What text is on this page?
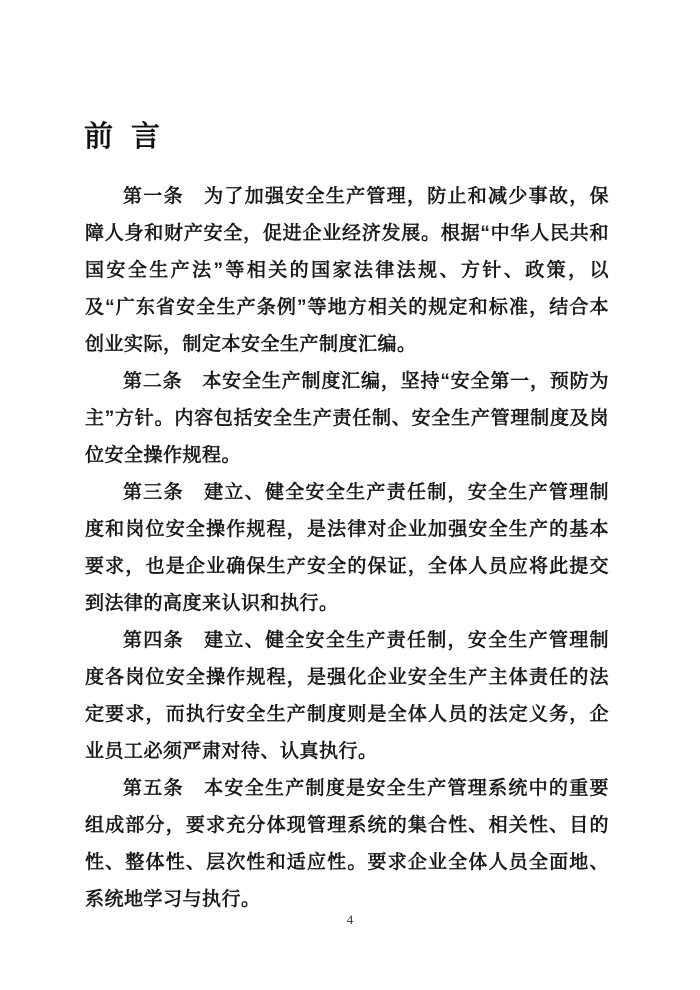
前 言

第一条　为了加强安全生产管理，防止和减少事故，保障人身和财产安全，促进企业经济发展。根据“中华人民共和国安全生产法”等相关的国家法律法规、方针、政策，以及“广东省安全生产条例”等地方相关的规定和标准，结合本创业实际，制定本安全生产制度汇编。

第二条　本安全生产制度汇编，坚持“安全第一，预防为主”方针。内容包括安全生产责任制、安全生产管理制度及岗位安全操作规程。

第三条　建立、健全安全生产责任制，安全生产管理制度和岗位安全操作规程，是法律对企业加强安全生产的基本要求，也是企业确保生产安全的保证，全体人员应将此提交到法律的高度来认识和执行。

第四条　建立、健全安全生产责任制，安全生产管理制度各岗位安全操作规程，是强化企业安全生产主体责任的法定要求，而执行安全生产制度则是全体人员的法定义务，企业员工必须严肃对待、认真执行。

第五条　本安全生产制度是安全生产管理系统中的重要组成部分，要求充分体现管理系统的集合性、相关性、目的性、整体性、层次性和适应性。要求企业全体人员全面地、系统地学习与执行。

4
